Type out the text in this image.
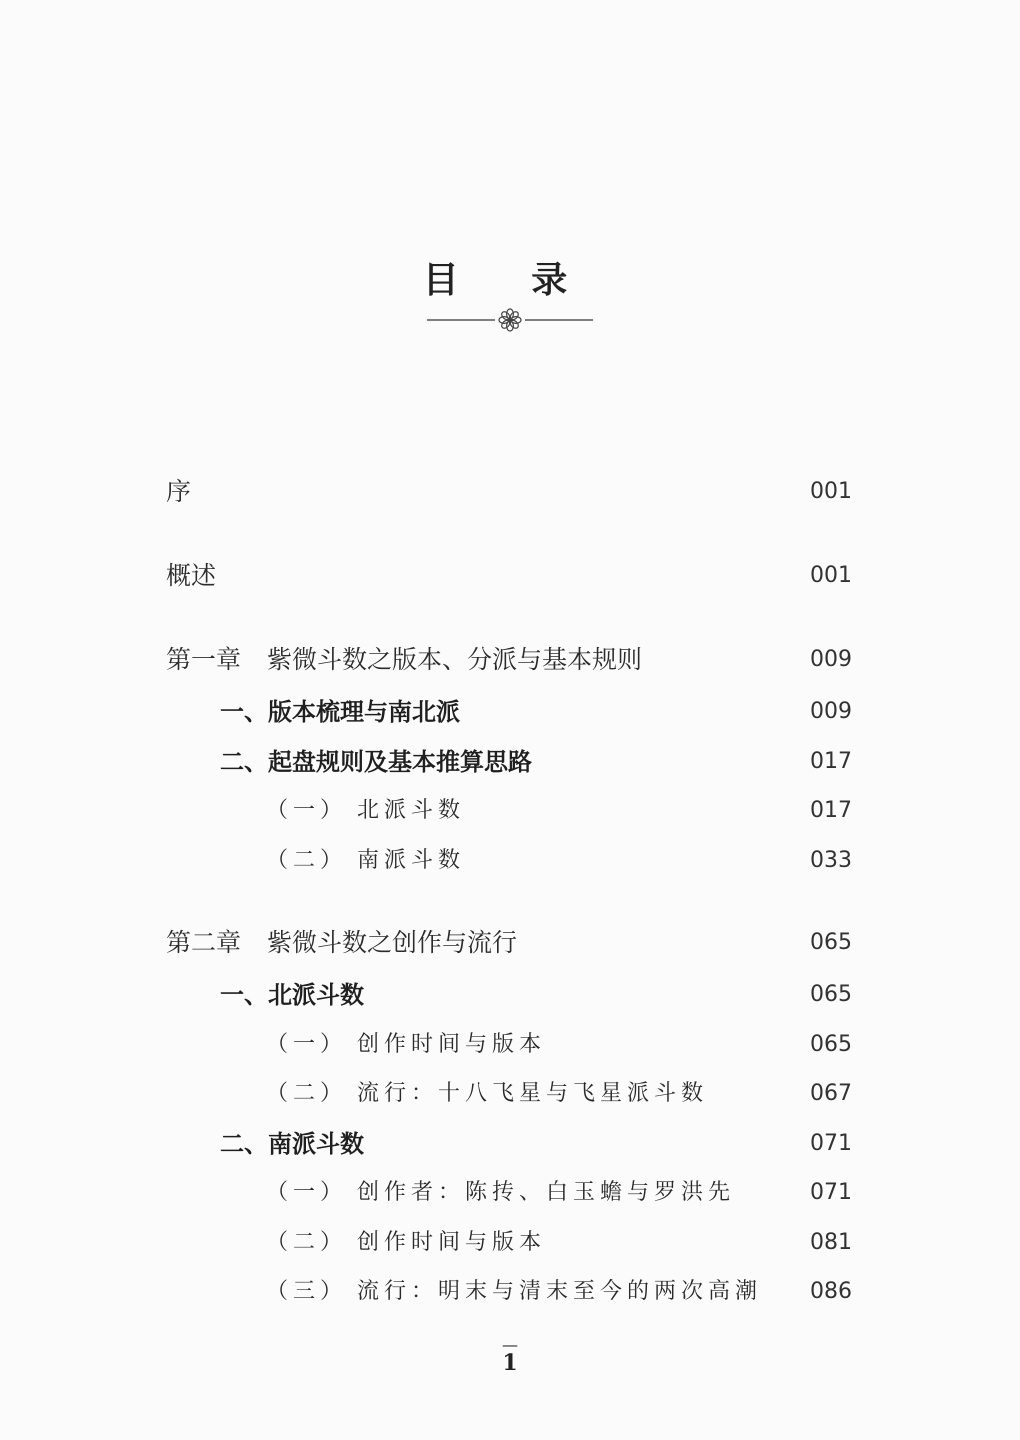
目 录
序	001
概述	001
第一章 紫微斗数之版本、分派与基本规则	009
一、版本梳理与南北派	009
二、起盘规则及基本推算思路	017
（一） 北派斗数	017
（二） 南派斗数	033
第二章 紫微斗数之创作与流行	065
一、北派斗数	065
（一） 创作时间与版本	065
（二） 流行：十八飞星与飞星派斗数	067
二、南派斗数	071
（一） 创作者：陈抟、白玉蟾与罗洪先	071
（二） 创作时间与版本	081
（三） 流行：明末与清末至今的两次高潮 086
—
1
